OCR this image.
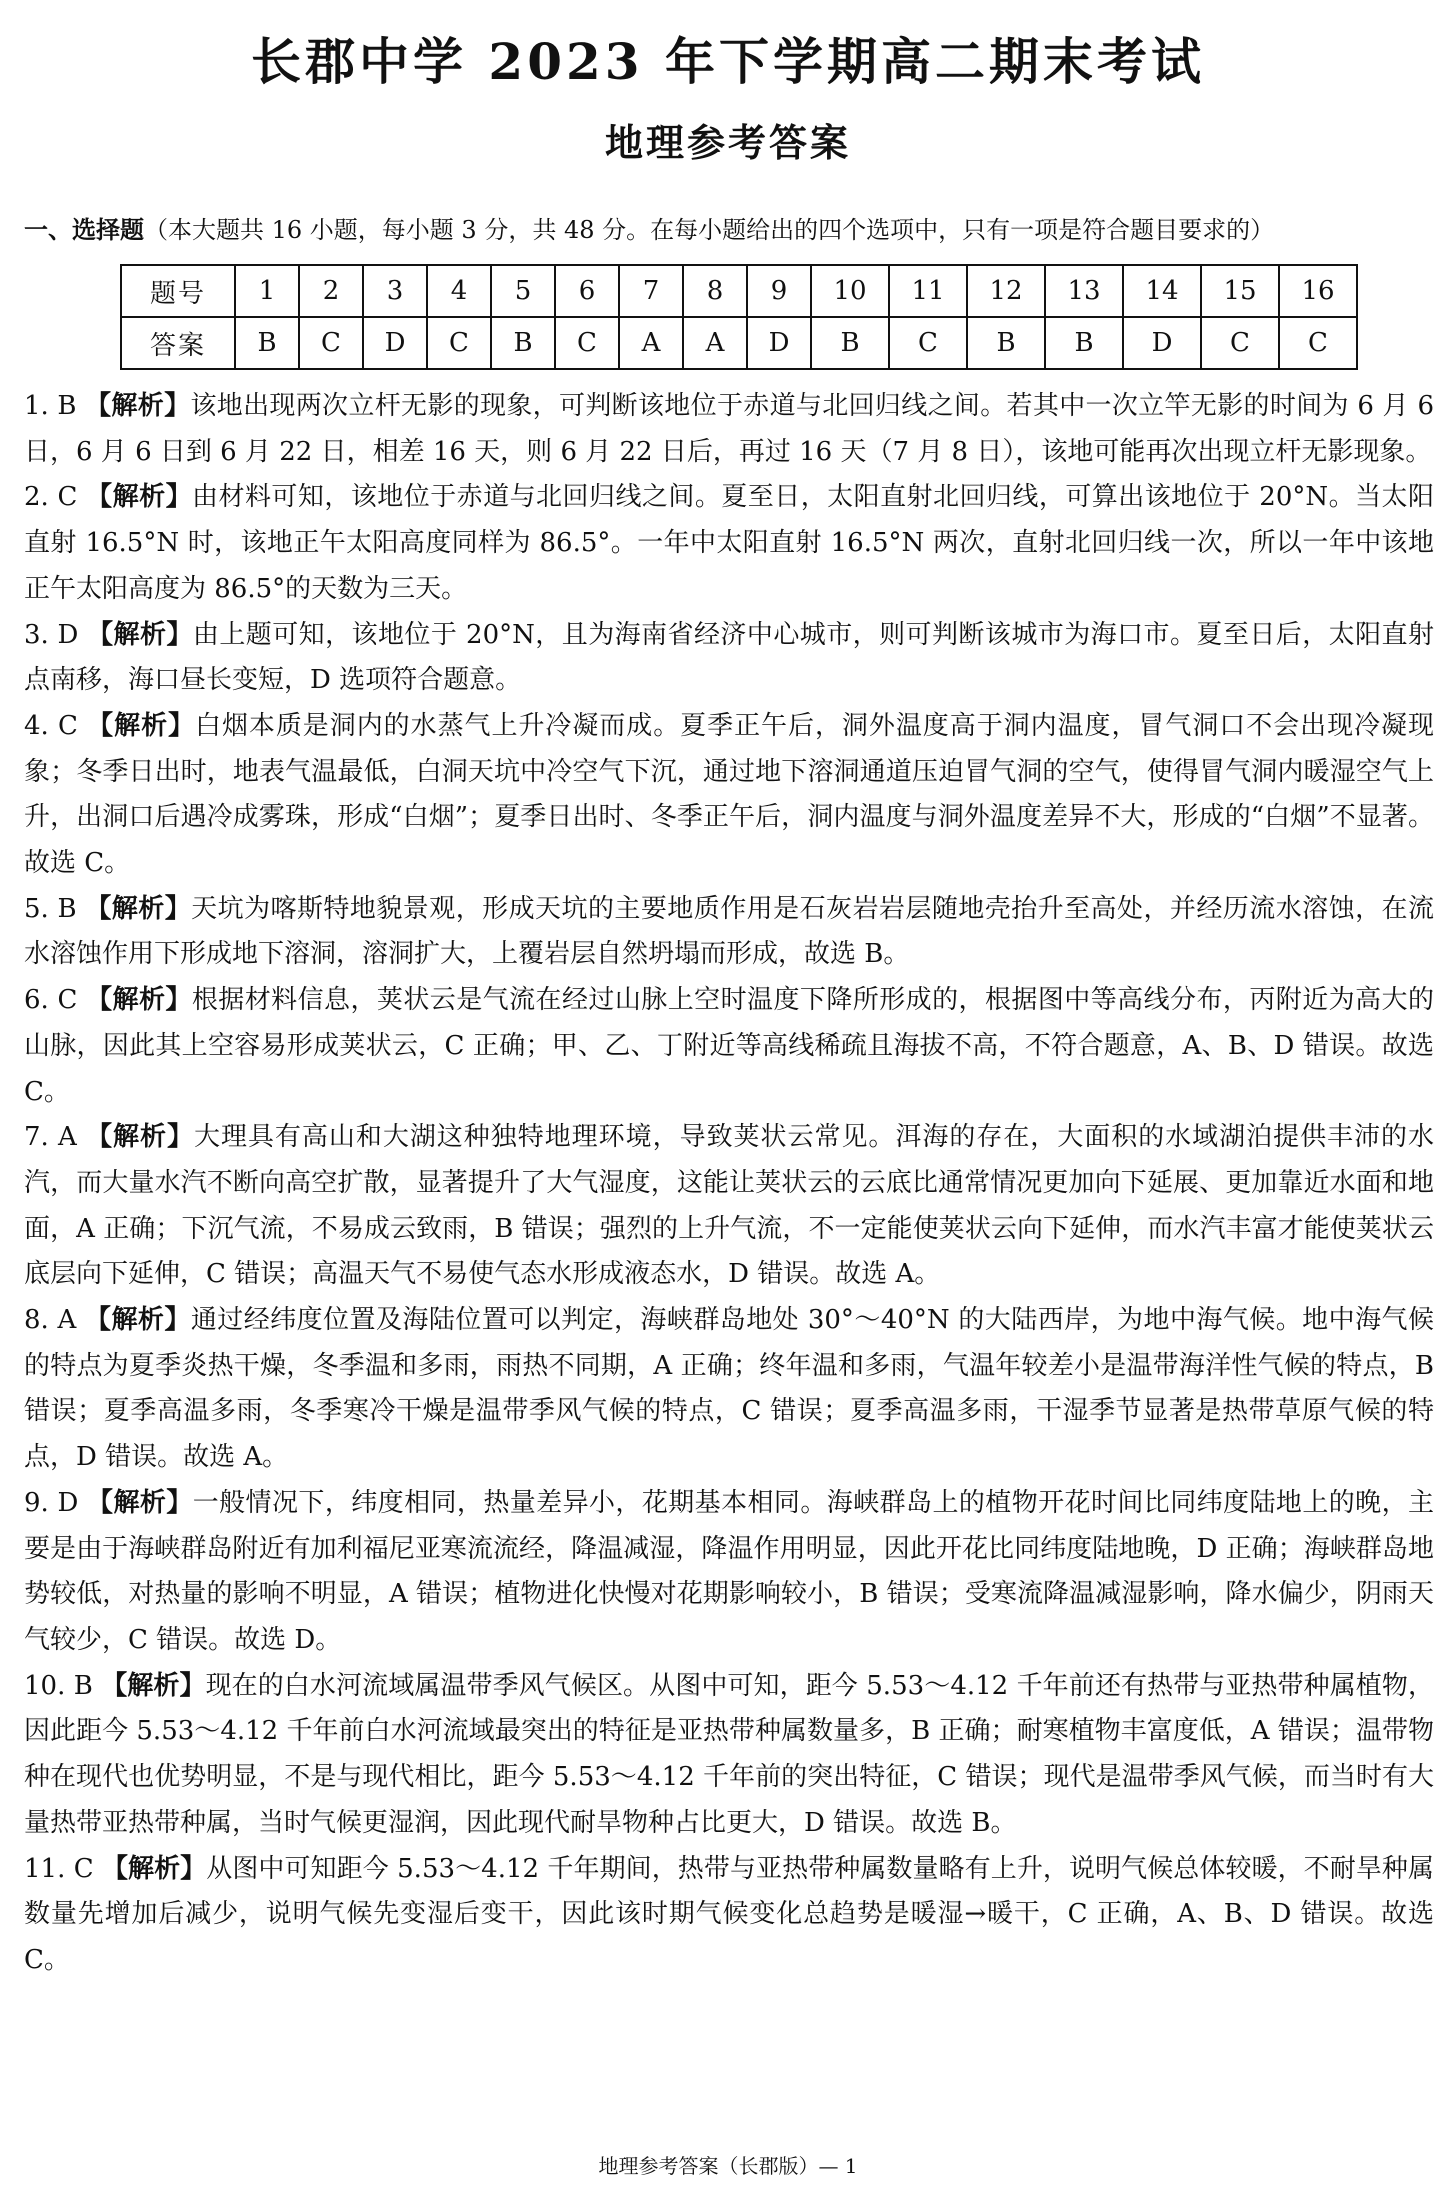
长郡中学 2023 年下学期高二期末考试
地理参考答案
一、选择题（本大题共 16 小题，每小题 3 分，共 48 分。在每小题给出的四个选项中，只有一项是符合题目要求的）
题号	1	2	3	4	5	6	7	8	9	10	11	12	13	14	15	16
答案	B	C	D	C	B	C	A	A	D	B	C	B	B	D	C	C
1. B 【解析】该地出现两次立杆无影的现象，可判断该地位于赤道与北回归线之间。若其中一次立竿无影的时间为 6 月 6 日，6 月 6 日到 6 月 22 日，相差 16 天，则 6 月 22 日后，再过 16 天（7 月 8 日），该地可能再次出现立杆无影现象。
2. C 【解析】由材料可知，该地位于赤道与北回归线之间。夏至日，太阳直射北回归线，可算出该地位于 20°N。当太阳直射 16.5°N 时，该地正午太阳高度同样为 86.5°。一年中太阳直射 16.5°N 两次，直射北回归线一次，所以一年中该地正午太阳高度为 86.5°的天数为三天。
3. D 【解析】由上题可知，该地位于 20°N，且为海南省经济中心城市，则可判断该城市为海口市。夏至日后，太阳直射点南移，海口昼长变短，D 选项符合题意。
4. C 【解析】白烟本质是洞内的水蒸气上升冷凝而成。夏季正午后，洞外温度高于洞内温度，冒气洞口不会出现冷凝现象；冬季日出时，地表气温最低，白洞天坑中冷空气下沉，通过地下溶洞通道压迫冒气洞的空气，使得冒气洞内暖湿空气上升，出洞口后遇冷成雾珠，形成“白烟”；夏季日出时、冬季正午后，洞内温度与洞外温度差异不大，形成的“白烟”不显著。故选 C。
5. B 【解析】天坑为喀斯特地貌景观，形成天坑的主要地质作用是石灰岩岩层随地壳抬升至高处，并经历流水溶蚀，在流水溶蚀作用下形成地下溶洞，溶洞扩大，上覆岩层自然坍塌而形成，故选 B。
6. C 【解析】根据材料信息，荚状云是气流在经过山脉上空时温度下降所形成的，根据图中等高线分布，丙附近为高大的山脉，因此其上空容易形成荚状云，C 正确；甲、乙、丁附近等高线稀疏且海拔不高，不符合题意，A、B、D 错误。故选 C。
7. A 【解析】大理具有高山和大湖这种独特地理环境，导致荚状云常见。洱海的存在，大面积的水域湖泊提供丰沛的水汽，而大量水汽不断向高空扩散，显著提升了大气湿度，这能让荚状云的云底比通常情况更加向下延展、更加靠近水面和地面，A 正确；下沉气流，不易成云致雨，B 错误；强烈的上升气流，不一定能使荚状云向下延伸，而水汽丰富才能使荚状云底层向下延伸，C 错误；高温天气不易使气态水形成液态水，D 错误。故选 A。
8. A 【解析】通过经纬度位置及海陆位置可以判定，海峡群岛地处 30°～40°N 的大陆西岸，为地中海气候。地中海气候的特点为夏季炎热干燥，冬季温和多雨，雨热不同期，A 正确；终年温和多雨，气温年较差小是温带海洋性气候的特点，B 错误；夏季高温多雨，冬季寒冷干燥是温带季风气候的特点，C 错误；夏季高温多雨，干湿季节显著是热带草原气候的特点，D 错误。故选 A。
9. D 【解析】一般情况下，纬度相同，热量差异小，花期基本相同。海峡群岛上的植物开花时间比同纬度陆地上的晚，主要是由于海峡群岛附近有加利福尼亚寒流流经，降温减湿，降温作用明显，因此开花比同纬度陆地晚，D 正确；海峡群岛地势较低，对热量的影响不明显，A 错误；植物进化快慢对花期影响较小，B 错误；受寒流降温减湿影响，降水偏少，阴雨天气较少，C 错误。故选 D。
10. B 【解析】现在的白水河流域属温带季风气候区。从图中可知，距今 5.53～4.12 千年前还有热带与亚热带种属植物，因此距今 5.53～4.12 千年前白水河流域最突出的特征是亚热带种属数量多，B 正确；耐寒植物丰富度低，A 错误；温带物种在现代也优势明显，不是与现代相比，距今 5.53～4.12 千年前的突出特征，C 错误；现代是温带季风气候，而当时有大量热带亚热带种属，当时气候更湿润，因此现代耐旱物种占比更大，D 错误。故选 B。
11. C 【解析】从图中可知距今 5.53～4.12 千年期间，热带与亚热带种属数量略有上升，说明气候总体较暖，不耐旱种属数量先增加后减少，说明气候先变湿后变干，因此该时期气候变化总趋势是暖湿→暖干，C 正确，A、B、D 错误。故选 C。
地理参考答案（长郡版）— 1
